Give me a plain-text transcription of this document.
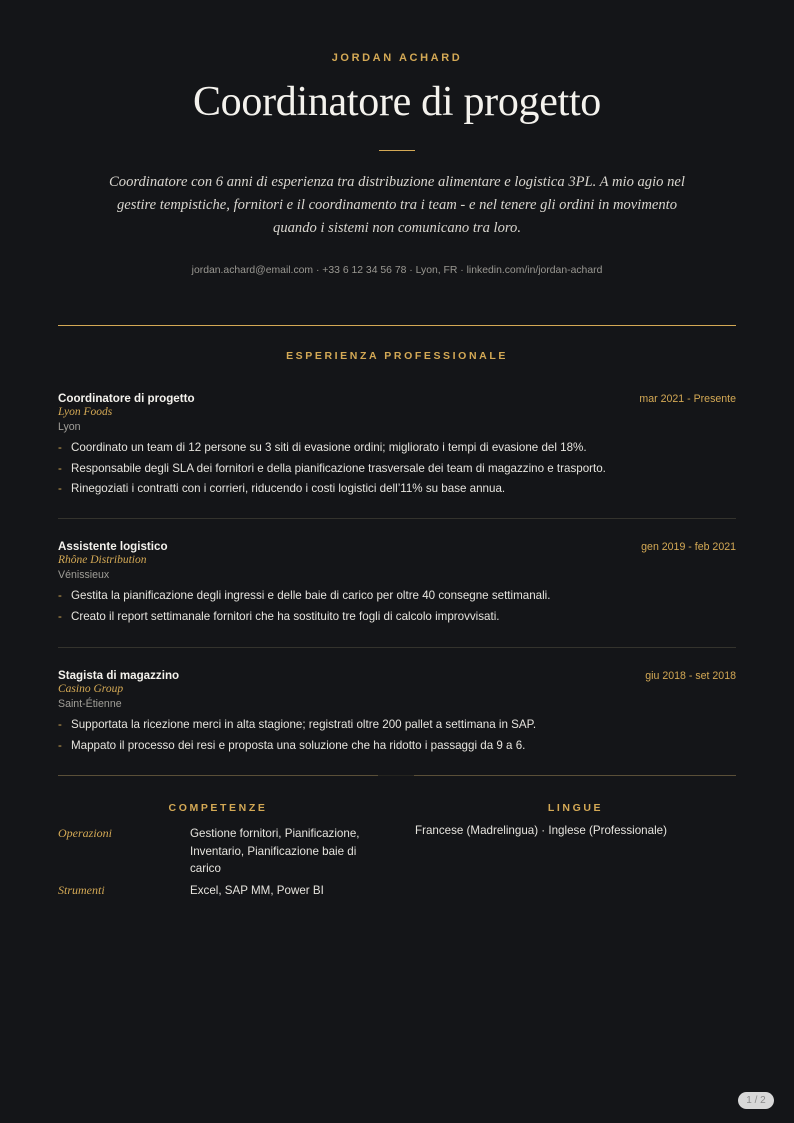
JORDAN ACHARD
Coordinatore di progetto
Coordinatore con 6 anni di esperienza tra distribuzione alimentare e logistica 3PL. A mio agio nel gestire tempistiche, fornitori e il coordinamento tra i team - e nel tenere gli ordini in movimento quando i sistemi non comunicano tra loro.
jordan.achard@email.com · +33 6 12 34 56 78 · Lyon, FR · linkedin.com/in/jordan-achard
ESPERIENZA PROFESSIONALE
Coordinatore di progetto	mar 2021 - Presente
Lyon Foods
Lyon
- Coordinato un team di 12 persone su 3 siti di evasione ordini; migliorato i tempi di evasione del 18%.
- Responsabile degli SLA dei fornitori e della pianificazione trasversale dei team di magazzino e trasporto.
- Rinegoziati i contratti con i corrieri, riducendo i costi logistici dell’11% su base annua.
Assistente logistico	gen 2019 - feb 2021
Rhône Distribution
Vénissieux
- Gestita la pianificazione degli ingressi e delle baie di carico per oltre 40 consegne settimanali.
- Creato il report settimanale fornitori che ha sostituito tre fogli di calcolo improvvisati.
Stagista di magazzino	giu 2018 - set 2018
Casino Group
Saint-Étienne
- Supportata la ricezione merci in alta stagione; registrati oltre 200 pallet a settimana in SAP.
- Mappato il processo dei resi e proposta una soluzione che ha ridotto i passaggi da 9 a 6.
COMPETENZE
Operazioni	Gestione fornitori, Pianificazione, Inventario, Pianificazione baie di carico
Strumenti	Excel, SAP MM, Power BI
LINGUE
Francese (Madrelingua) · Inglese (Professionale)
1 / 2
